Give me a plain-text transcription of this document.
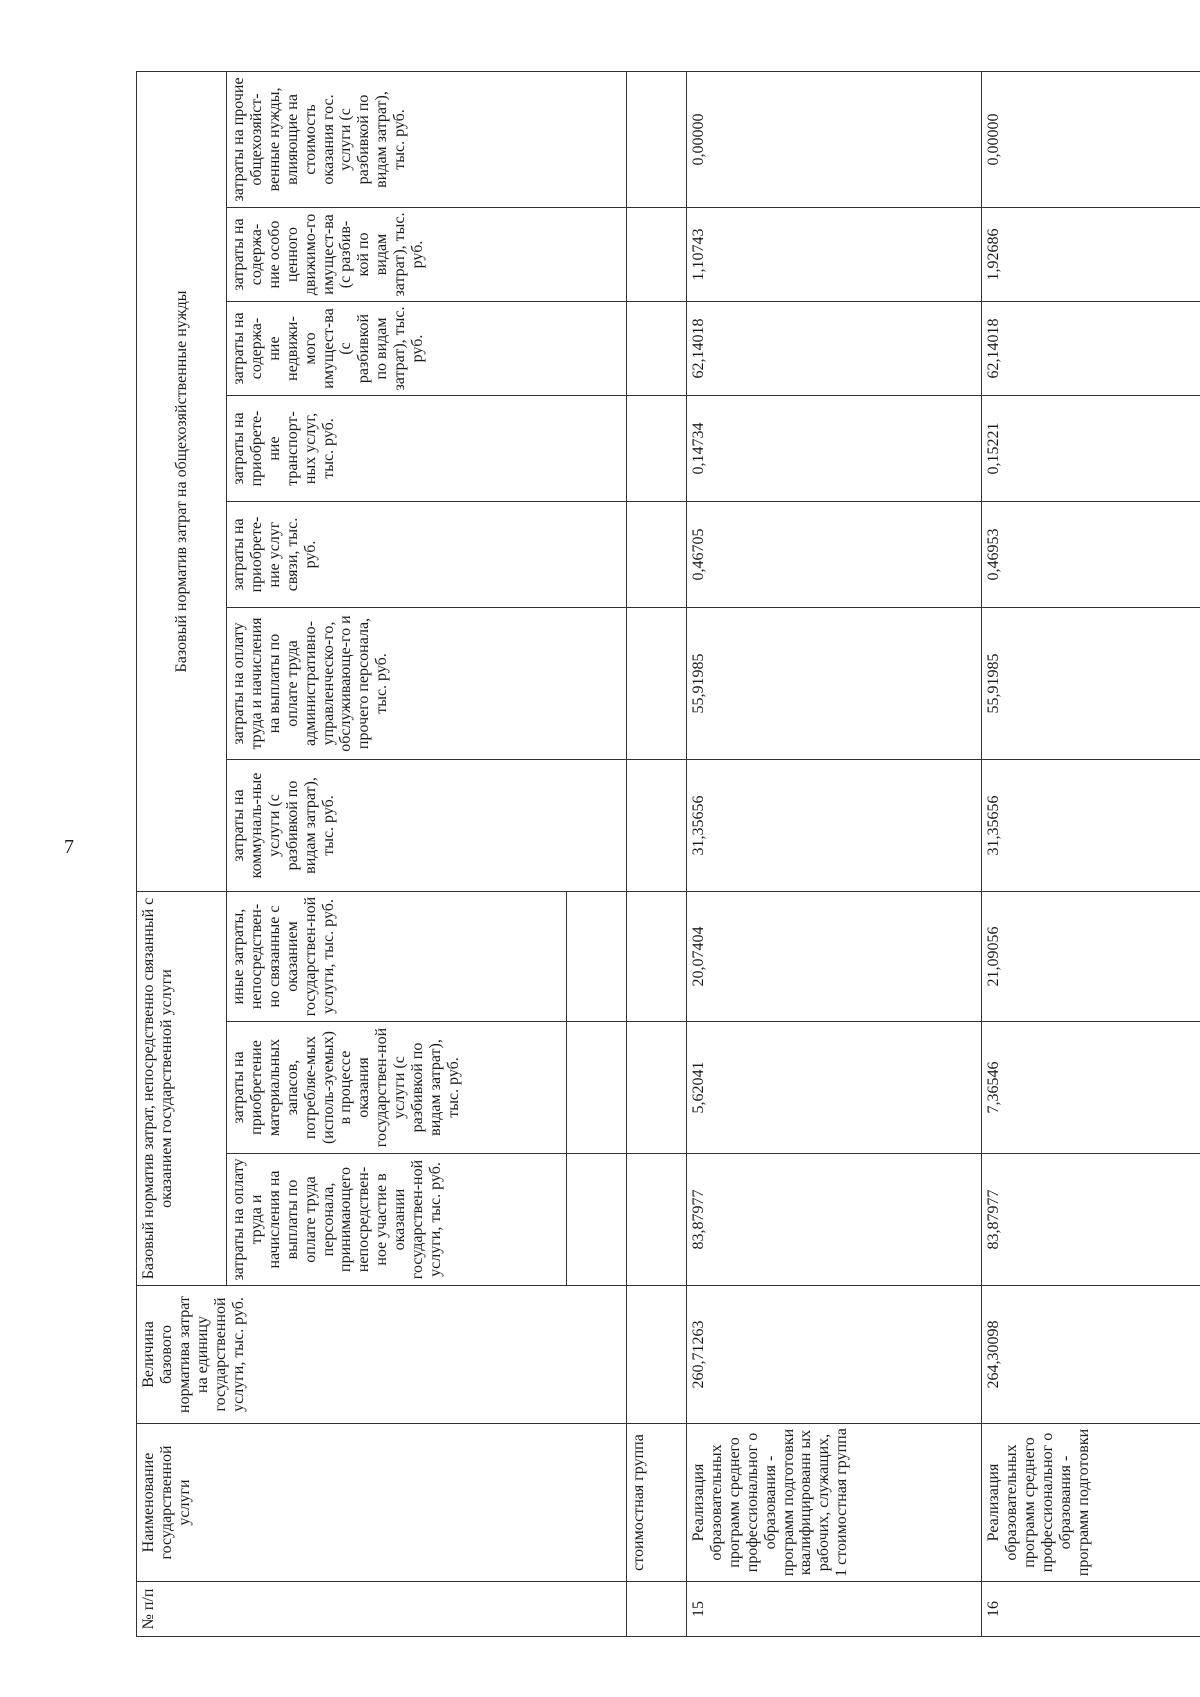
7
№ п/п	Наименование государственной услуги	Величина базового норматива затрат на единицу государственной услуги, тыс. руб.	Базовый норматив затрат, непосредственно связанный с оказанием государственной услуги			Базовый норматив затрат на общехозяйственные нужды						
			затраты на оплату труда и начисления на выплаты по оплате труда персонала, принимающего непосредствен-ное участие в оказании государствен-ной услуги, тыс. руб.	затраты на приобретение материальных запасов, потребляе-мых (исполь-зуемых) в процессе оказания государствен-ной услуги (с разбивкой по видам затрат), тыс. руб.	иные затраты, непосредствен-но связанные с оказанием государствен-ной услуги, тыс. руб.	затраты на коммуналь-ные услуги (с разбивкой по видам затрат), тыс. руб.	затраты на оплату труда и начисления на выплаты по оплате труда административно-управленческо-го, обслуживающе-го и прочего персонала, тыс. руб.	затраты на приобрете-ние услуг связи, тыс. руб.	затраты на приобрете-ние транспорт-ных услуг, тыс. руб.	затраты на содержа-ние недвижи-мого имущест-ва (с разбивкой по видам затрат), тыс. руб.	затраты на содержа-ние особо ценного движимо-го имущест-ва (с разбив-кой по видам затрат), тыс. руб.	затраты на прочие общехозяйст-венные нужды, влияющие на стоимость оказания гос. услуги (с разбивкой по видам затрат), тыс. руб.

	стоимостная группа											
15	Реализация образовательных программ среднего профессиональног о образования - программ подготовки квалифицированн ых рабочих, служащих, 1 стоимостная группа	260,71263	83,87977	5,62041	20,07404	31,35656	55,91985	0,46705	0,14734	62,14018	1,10743	0,00000
16	Реализация образовательных программ среднего профессиональног о образования - программ подготовки	264,30098	83,87977	7,36546	21,09056	31,35656	55,91985	0,46953	0,15221	62,14018	1,92686	0,00000
